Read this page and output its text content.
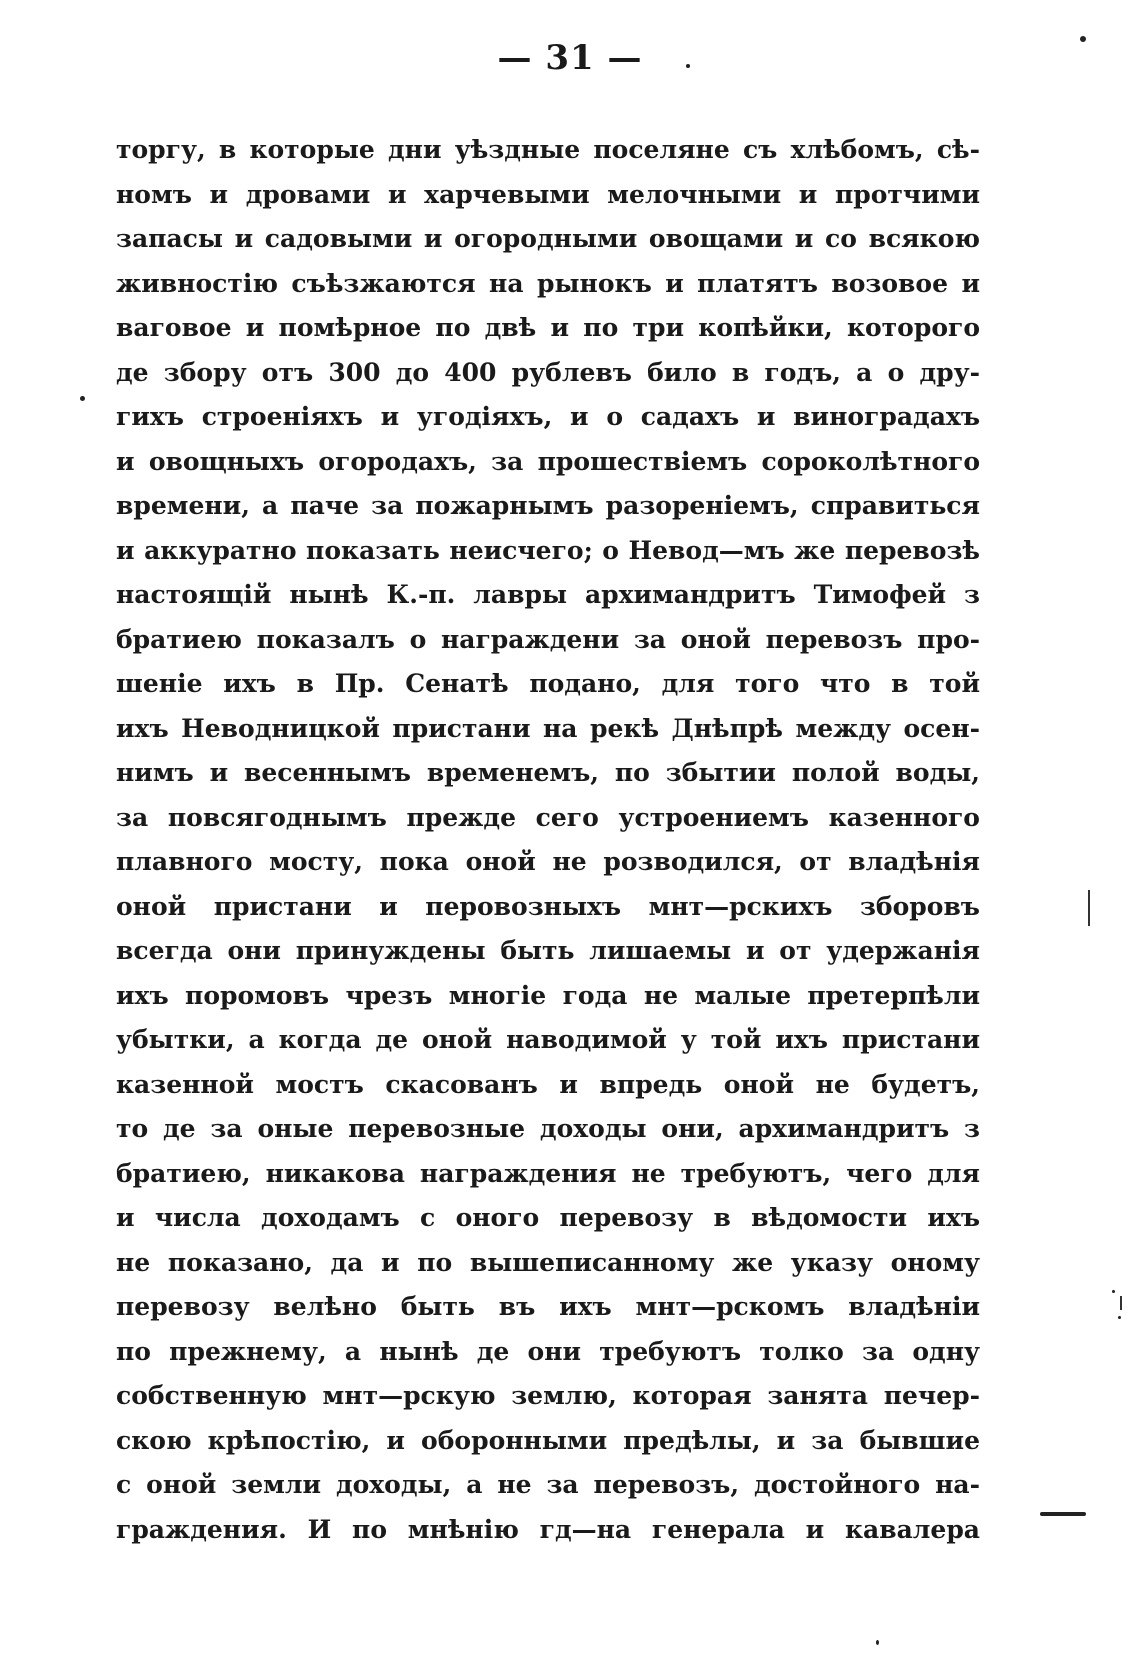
— 31 —
торгу, в которые дни уѣздные поселяне съ хлѣбомъ, сѣ-
номъ и дровами и харчевыми мелочными и протчими
запасы и садовыми и огородными овощами и со всякою
живностію съѣзжаются на рынокъ и платятъ возовое и
ваговое и помѣрное по двѣ и по три копѣйки, которого
де збору отъ 300 до 400 рублевъ било в годъ, а о дру-
гихъ строеніяхъ и угодіяхъ, и о садахъ и виноградахъ
и овощныхъ огородахъ, за прошествіемъ сороколѣтного
времени, а паче за пожарнымъ разореніемъ, справиться
и аккуратно показать неисчего; о Невод—мъ же перевозѣ
настоящій нынѣ К.-п. лавры архимандритъ Тимофей з
братиею показалъ о награждени за оной перевозъ про-
шеніе ихъ в Пр. Сенатѣ подано, для того что в той
ихъ Неводницкой пристани на рекѣ Днѣпрѣ между осен-
нимъ и весеннымъ временемъ, по збытии полой воды,
за повсягоднымъ прежде сего устроениемъ казенного
плавного мосту, пока оной не розводился, от владѣнія
оной пристани и перовозныхъ мнт—рскихъ зборовъ
всегда они принуждены быть лишаемы и от удержанія
ихъ пором​овъ чрезъ многіе года не малые претерпѣли
убытки, а когда де оной наводимой у той ихъ пристани
казенной мостъ скасованъ и впредь оной не будетъ,
то де за оные перевозные доходы они, архимандритъ з
братиею, никакова награждения не требуютъ, чего для
и числа доходамъ с оного перевозу в вѣдомости ихъ
не показано, да и по вышеписанному же указу оному
перевозу велѣно быть въ ихъ мнт—рскомъ владѣніи
по прежнему, а нынѣ де они требуютъ толко за одну
собственную мнт—рскую землю, которая занята печер-
скою крѣпостію, и оборонными предѣлы, и за бывшие
с оной земли доходы, а не за перевозъ, достойного на-
граждения. И по мнѣнію гд—на генерала и кавалера
